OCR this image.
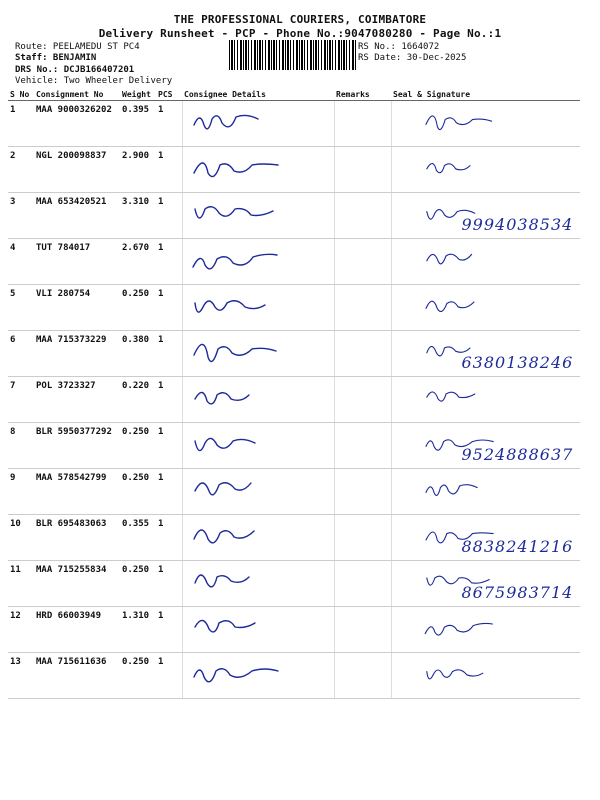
THE PROFESSIONAL COURIERS, COIMBATORE
Delivery Runsheet - PCP - Phone No.:9047080280 - Page No.:1
Route: PEELAMEDU ST PC4
Staff: BENJAMIN
DRS No.: DCJB166407201
Vehicle: Two Wheeler Delivery
RS No.: 1664072
RS Date: 30-Dec-2025
S No	Consignment No	Weight	PCS	Consignee Details	Remarks	Seal & Signature
1	MAA 9000326202	0.395	1	

2	NGL 200098837	2.900	1	

3	MAA 653420521	3.310	1			9994038534

4	TUT 784017	2.670	1	

5	VLI 280754	0.250	1	

6	MAA 715373229	0.380	1			6380138246

7	POL 3723327	0.220	1	

8	BLR 5950377292	0.250	1			9524888637

9	MAA 578542799	0.250	1	

10	BLR 695483063	0.355	1			8838241216

11	MAA 715255834	0.250	1			8675983714

12	HRD 66003949	1.310	1	

13	MAA 715611636	0.250	1	
